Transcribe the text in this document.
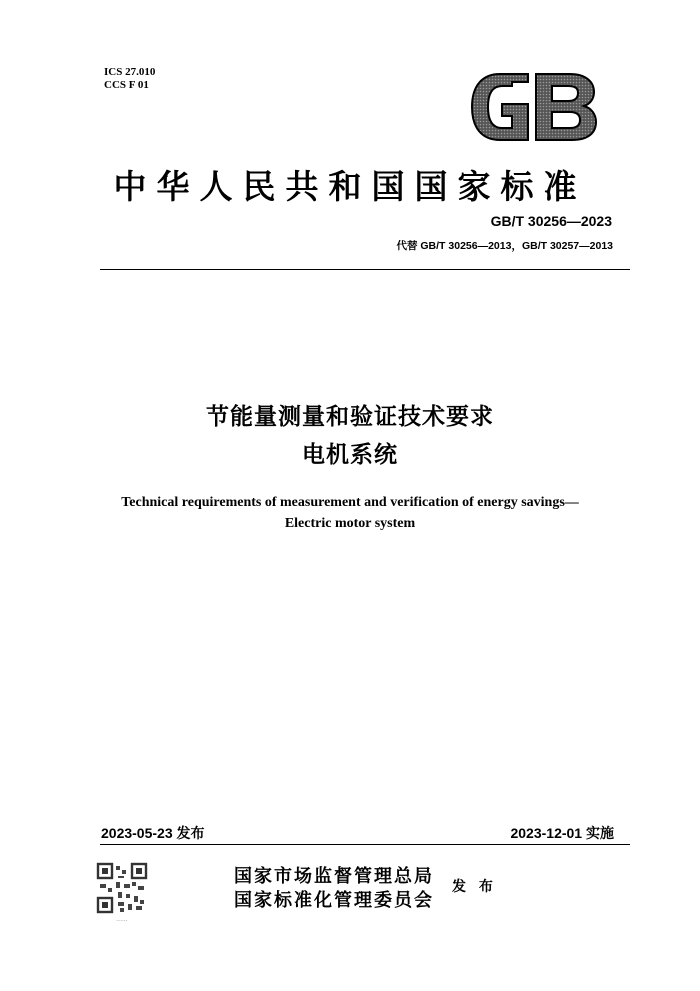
ICS 27.010
CCS F 01
中华人民共和国国家标准
GB/T 30256—2023
代替 GB/T 30256—2013，GB/T 30257—2013
节能量测量和验证技术要求
电机系统
Technical requirements of measurement and verification of energy savings—
Electric motor system
2023-05-23 发布	2023-12-01 实施
······
国家市场监督管理总局
国家标准化管理委员会
发 布
